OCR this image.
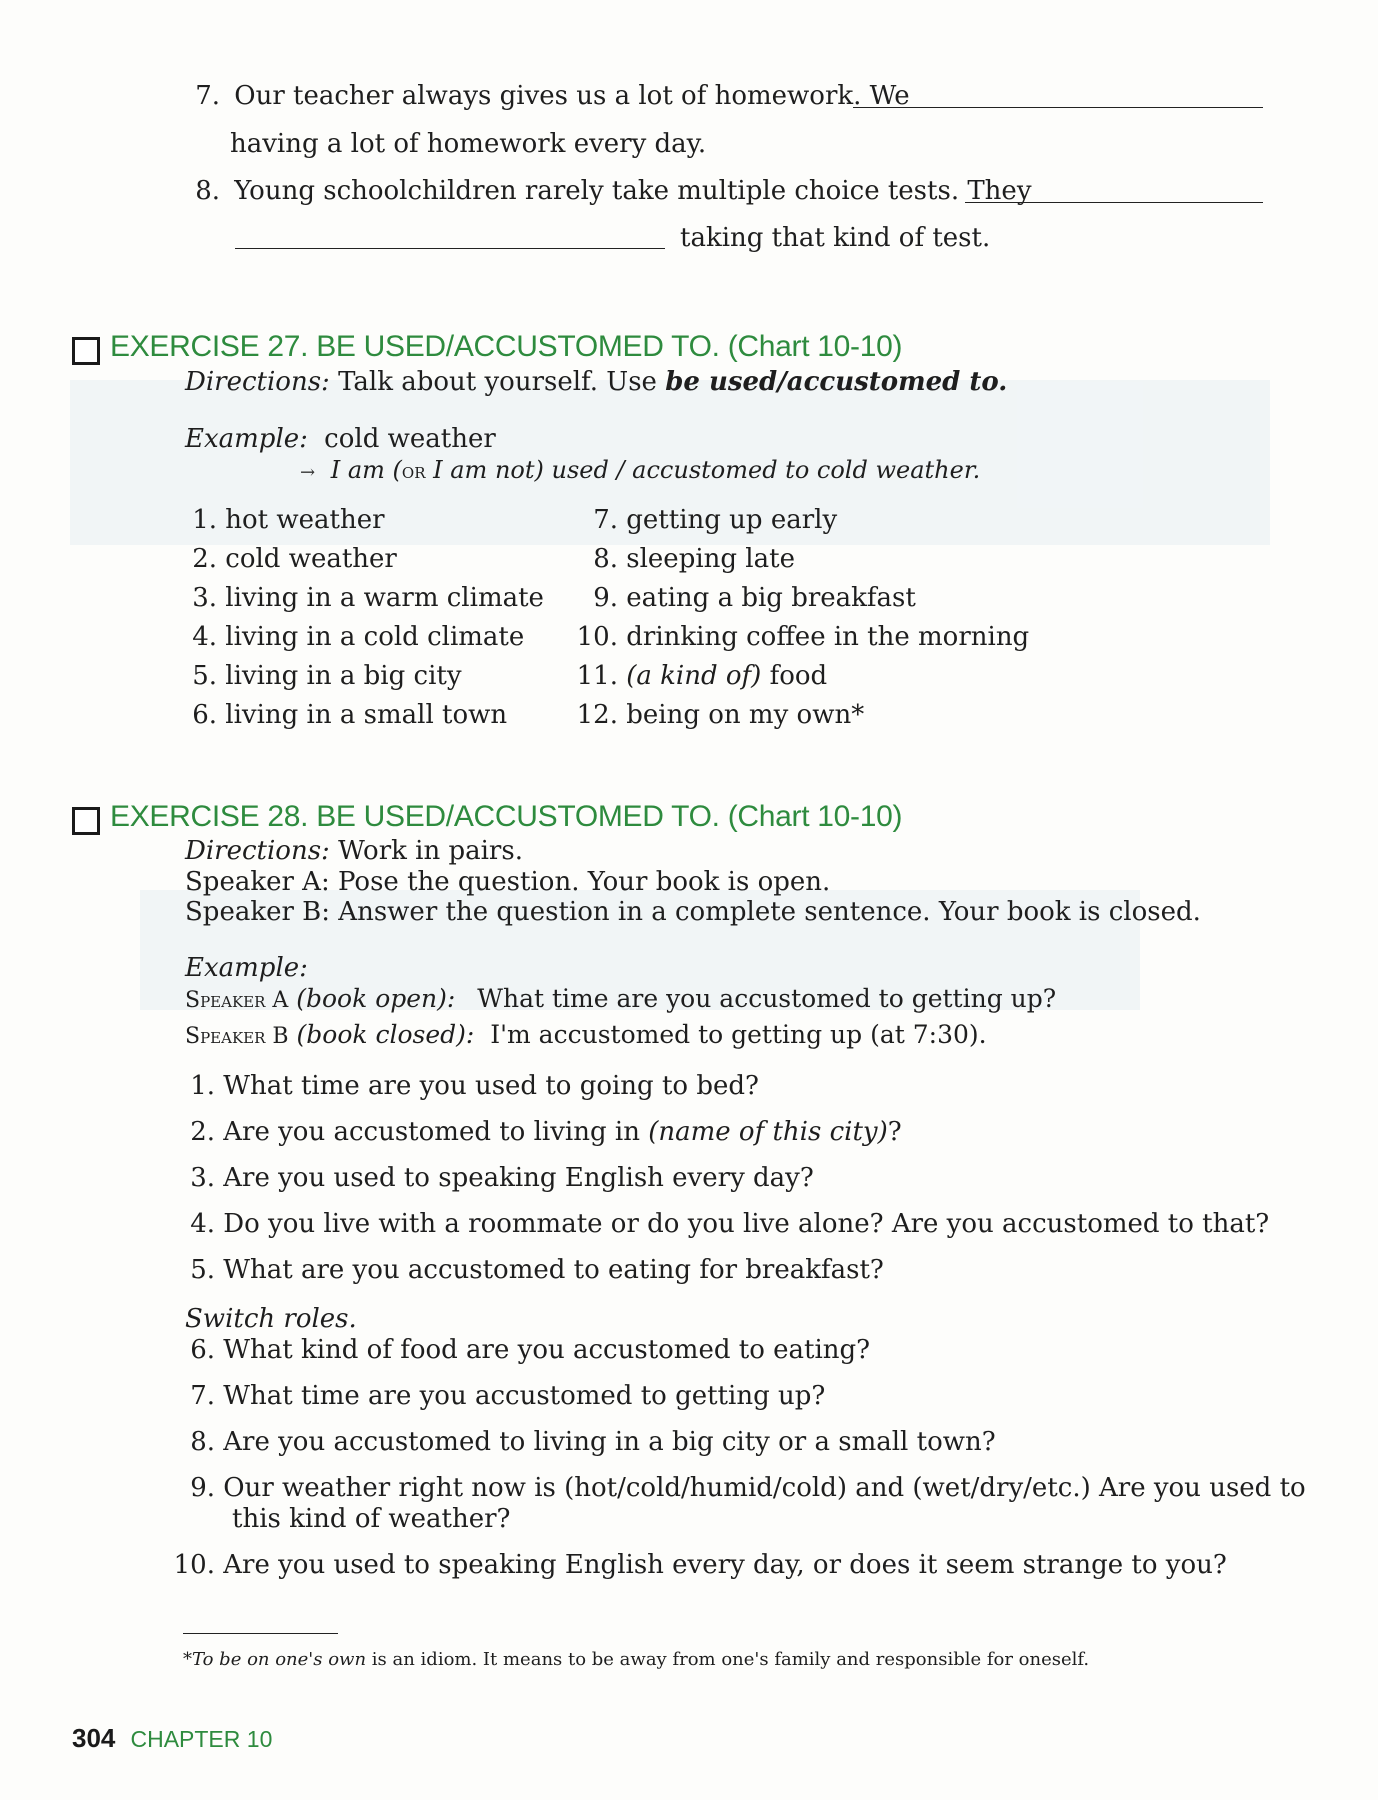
7. Our teacher always gives us a lot of homework. We
having a lot of homework every day.
8. Young schoolchildren rarely take multiple choice tests. They
taking that kind of test.
EXERCISE 27. BE USED/ACCUSTOMED TO. (Chart 10-10)
Directions: Talk about yourself. Use be used/accustomed to.
Example: cold weather
→ I am (or I am not) used / accustomed to cold weather.
1. hot weather
2. cold weather
3. living in a warm climate
4. living in a cold climate
5. living in a big city
6. living in a small town
7. getting up early
8. sleeping late
9. eating a big breakfast
10. drinking coffee in the morning
11. (a kind of) food
12. being on my own*
EXERCISE 28. BE USED/ACCUSTOMED TO. (Chart 10-10)
Directions: Work in pairs.
Speaker A: Pose the question. Your book is open.
Speaker B: Answer the question in a complete sentence. Your book is closed.
Example:
Speaker A (book open): What time are you accustomed to getting up?
Speaker B (book closed): I'm accustomed to getting up (at 7:30).
1. What time are you used to going to bed?
2. Are you accustomed to living in (name of this city)?
3. Are you used to speaking English every day?
4. Do you live with a roommate or do you live alone? Are you accustomed to that?
5. What are you accustomed to eating for breakfast?
Switch roles.
6. What kind of food are you accustomed to eating?
7. What time are you accustomed to getting up?
8. Are you accustomed to living in a big city or a small town?
9. Our weather right now is (hot/cold/humid/cold) and (wet/dry/etc.) Are you used to
this kind of weather?
10. Are you used to speaking English every day, or does it seem strange to you?
*To be on one's own is an idiom. It means to be away from one's family and responsible for oneself.
304 CHAPTER 10
